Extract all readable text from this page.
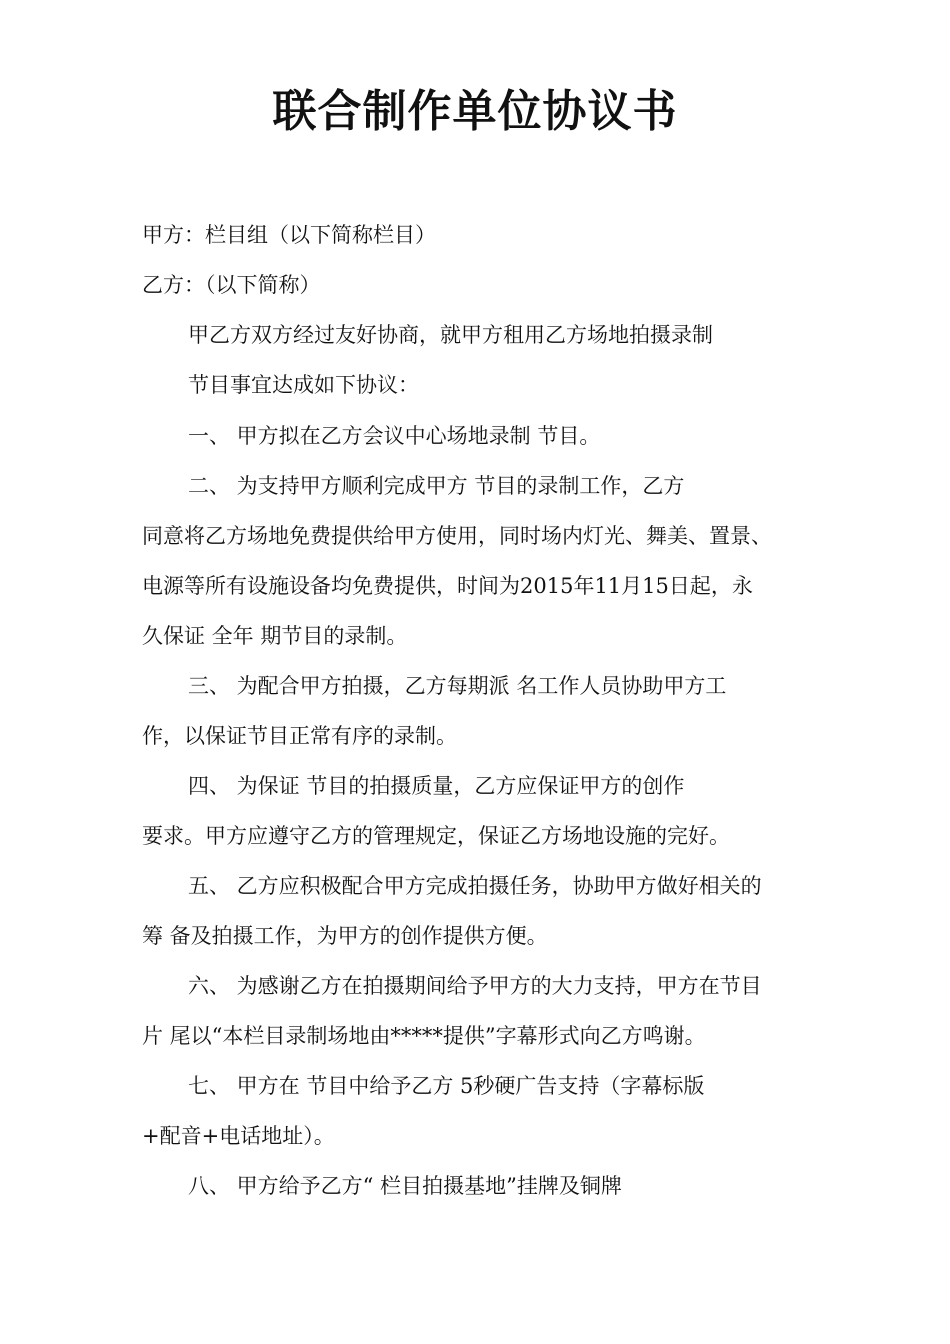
联合制作单位协议书
甲方：栏目组（以下简称栏目）
乙方：（以下简称）
甲乙方双方经过友好协商，就甲方租用乙方场地拍摄录制
节目事宜达成如下协议：
一、 甲方拟在乙方会议中心场地录制 节目。
二、 为支持甲方顺利完成甲方 节目的录制工作，乙方
同意将乙方场地免费提供给甲方使用，同时场内灯光、舞美、置景、
电源等所有设施设备均免费提供，时间为2015年11月15日起，永
久保证 全年 期节目的录制。
三、 为配合甲方拍摄，乙方每期派 名工作人员协助甲方工
作，以保证节目正常有序的录制。
四、 为保证 节目的拍摄质量，乙方应保证甲方的创作
要求。甲方应遵守乙方的管理规定，保证乙方场地设施的完好。
五、 乙方应积极配合甲方完成拍摄任务，协助甲方做好相关的
筹 备及拍摄工作，为甲方的创作提供方便。
六、 为感谢乙方在拍摄期间给予甲方的大力支持，甲方在节目
片 尾以“本栏目录制场地由*****提供”字幕形式向乙方鸣谢。
七、 甲方在 节目中给予乙方 5秒硬广告支持（字幕标版
+配音+电话地址）。
八、 甲方给予乙方“ 栏目拍摄基地”挂牌及铜牌
